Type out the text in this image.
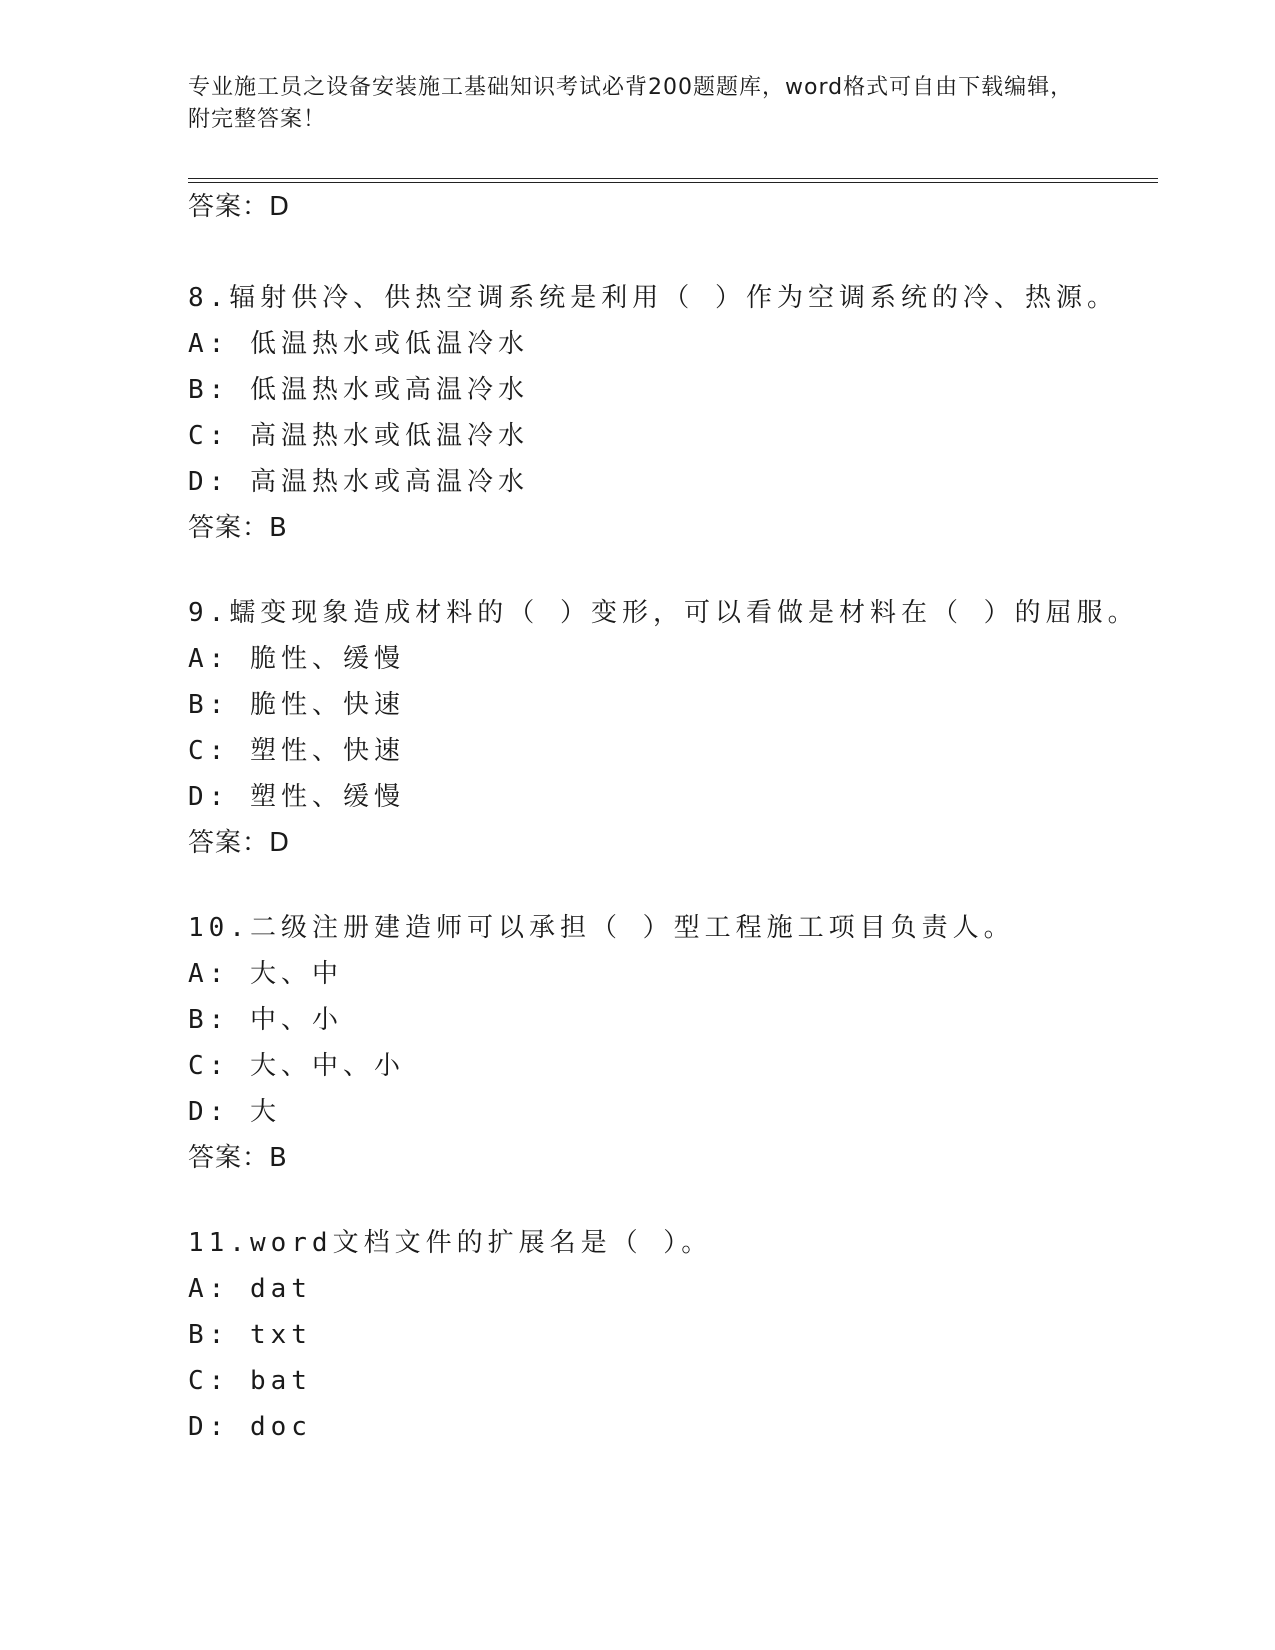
专业施工员之设备安装施工基础知识考试必背200题题库，word格式可自由下载编辑，附完整答案！
答案：D
8.辐射供冷、供热空调系统是利用（ ）作为空调系统的冷、热源。
A: 低温热水或低温冷水
B: 低温热水或高温冷水
C: 高温热水或低温冷水
D: 高温热水或高温冷水
答案：B
9.蠕变现象造成材料的（ ）变形，可以看做是材料在（ ）的屈服。
A: 脆性、缓慢
B: 脆性、快速
C: 塑性、快速
D: 塑性、缓慢
答案：D
10.二级注册建造师可以承担（ ）型工程施工项目负责人。
A: 大、中
B: 中、小
C: 大、中、小
D: 大
答案：B
11.word文档文件的扩展名是（ ）。
A: dat
B: txt
C: bat
D: doc
